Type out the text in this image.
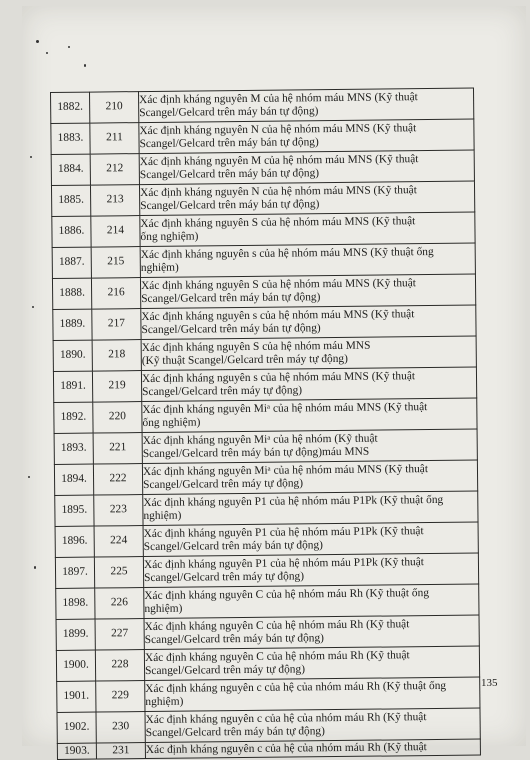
1882.	210	Xác định kháng nguyên M của hệ nhóm máu MNS (Kỹ thuật
Scangel/Gelcard trên máy bán tự động)

1883.	211	Xác định kháng nguyên N của hệ nhóm máu MNS (Kỹ thuật
Scangel/Gelcard trên máy bán tự động)

1884.	212	Xác định kháng nguyên M của hệ nhóm máu MNS (Kỹ thuật
Scangel/Gelcard trên máy bán tự động)

1885.	213	Xác định kháng nguyên N của hệ nhóm máu MNS (Kỹ thuật
Scangel/Gelcard trên máy bán tự động)

1886.	214	Xác định kháng nguyên S của hệ nhóm máu MNS (Kỹ thuật
ống nghiệm)

1887.	215	Xác định kháng nguyên s của hệ nhóm máu MNS (Kỹ thuật ống
nghiệm)

1888.	216	Xác định kháng nguyên S của hệ nhóm máu MNS (Kỹ thuật
Scangel/Gelcard trên máy bán tự động)

1889.	217	Xác định kháng nguyên s của hệ nhóm máu MNS (Kỹ thuật
Scangel/Gelcard trên máy bán tự động)

1890.	218	Xác định kháng nguyên S của hệ nhóm máu MNS
(Kỹ thuật Scangel/Gelcard trên máy tự động)

1891.	219	Xác định kháng nguyên s của hệ nhóm máu MNS (Kỹ thuật
Scangel/Gelcard trên máy tự động)

1892.	220	Xác định kháng nguyên Miᵃ của hệ nhóm máu MNS (Kỹ thuật
ống nghiệm)

1893.	221	Xác định kháng nguyên Miᵃ của hệ nhóm (Kỹ thuật
Scangel/Gelcard trên máy bán tự động)máu MNS

1894.	222	Xác định kháng nguyên Miᵃ của hệ nhóm máu MNS (Kỹ thuật
Scangel/Gelcard trên máy tự động)

1895.	223	Xác định kháng nguyên P1 của hệ nhóm máu P1Pk (Kỹ thuật ống
nghiệm)

1896.	224	Xác định kháng nguyên P1 của hệ nhóm máu P1Pk (Kỹ thuật
Scangel/Gelcard trên máy bán tự động)

1897.	225	Xác định kháng nguyên P1 của hệ nhóm máu P1Pk (Kỹ thuật
Scangel/Gelcard trên máy tự động)

1898.	226	Xác định kháng nguyên C của hệ nhóm máu Rh (Kỹ thuật ống
nghiệm)

1899.	227	Xác định kháng nguyên C của hệ nhóm máu Rh (Kỹ thuật
Scangel/Gelcard trên máy bán tự động)

1900.	228	Xác định kháng nguyên C của hệ nhóm máu Rh (Kỹ thuật
Scangel/Gelcard trên máy tự động)

1901.	229	Xác định kháng nguyên c của hệ của nhóm máu Rh (Kỹ thuật ống
nghiệm)

1902.	230	Xác định kháng nguyên c của hệ của nhóm máu Rh (Kỹ thuật
Scangel/Gelcard trên máy bán tự động)

1903.	231	Xác định kháng nguyên c của hệ của nhóm máu Rh (Kỹ thuật
135
